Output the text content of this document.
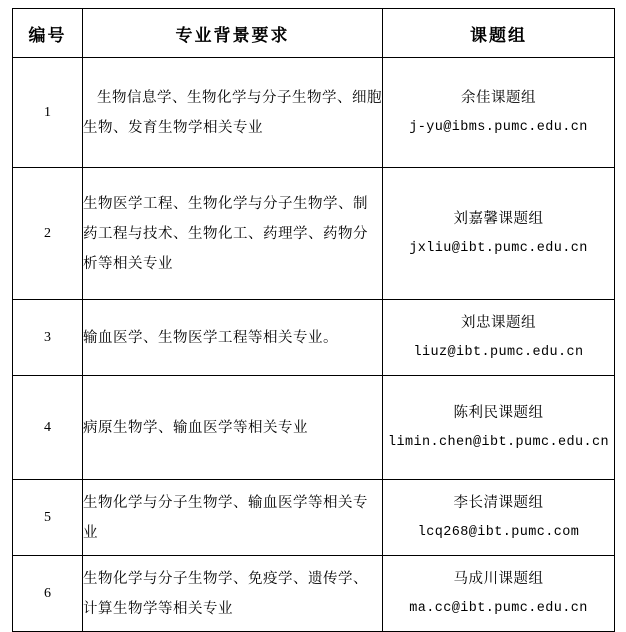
编号	专业背景要求	课题组
1	生物信息学、生物化学与分子生物学、细胞生物、发育生物学相关专业	余佳课题组
j-yu@ibms.pumc.edu.cn

2	生物医学工程、生物化学与分子生物学、制药工程与技术、生物化工、药理学、药物分析等相关专业	刘嘉馨课题组
jxliu@ibt.pumc.edu.cn

3	输血医学、生物医学工程等相关专业。	刘忠课题组
liuz@ibt.pumc.edu.cn

4	病原生物学、输血医学等相关专业	陈利民课题组
limin.chen@ibt.pumc.edu.cn

5	生物化学与分子生物学、输血医学等相关专业	李长清课题组
lcq268@ibt.pumc.com

6	生物化学与分子生物学、免疫学、遗传学、计算生物学等相关专业	马成川课题组
ma.cc@ibt.pumc.edu.cn
